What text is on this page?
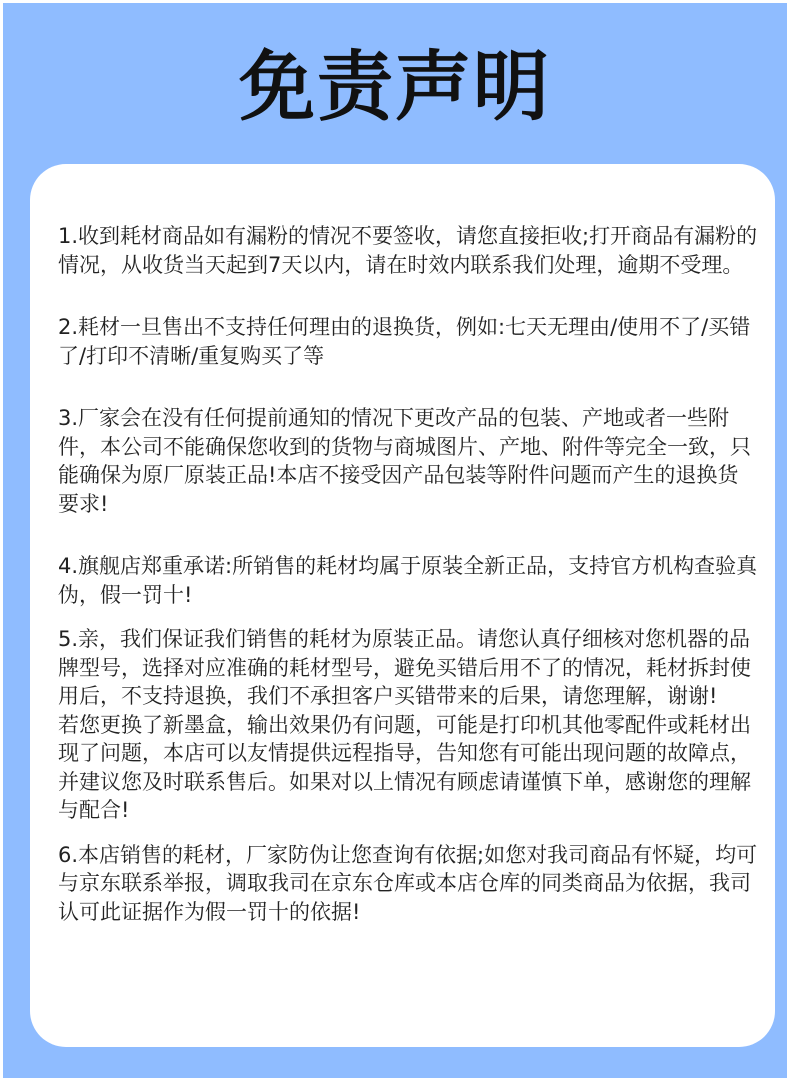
免责声明

1.收到耗材商品如有漏粉的情况不要签收，请您直接拒收;打开商品有漏粉的情况，从收货当天起到7天以内，请在时效内联系我们处理，逾期不受理。

2.耗材一旦售出不支持任何理由的退换货，例如:七天无理由/使用不了/买错了/打印不清晰/重复购买了等

3.厂家会在没有任何提前通知的情况下更改产品的包装、产地或者一些附件，本公司不能确保您收到的货物与商城图片、产地、附件等完全一致，只能确保为原厂原装正品!本店不接受因产品包装等附件问题而产生的退换货要求!

4.旗舰店郑重承诺:所销售的耗材均属于原装全新正品，支持官方机构查验真伪，假一罚十!

5.亲，我们保证我们销售的耗材为原装正品。请您认真仔细核对您机器的品牌型号，选择对应准确的耗材型号，避免买错后用不了的情况，耗材拆封使用后，不支持退换，我们不承担客户买错带来的后果，请您理解，谢谢!

若您更换了新墨盒，输出效果仍有问题，可能是打印机其他零配件或耗材出现了问题，本店可以友情提供远程指导，告知您有可能出现问题的故障点，并建议您及时联系售后。如果对以上情况有顾虑请谨慎下单，感谢您的理解与配合!

6.本店销售的耗材，厂家防伪让您查询有依据;如您对我司商品有怀疑，均可与京东联系举报，调取我司在京东仓库或本店仓库的同类商品为依据，我司认可此证据作为假一罚十的依据!
